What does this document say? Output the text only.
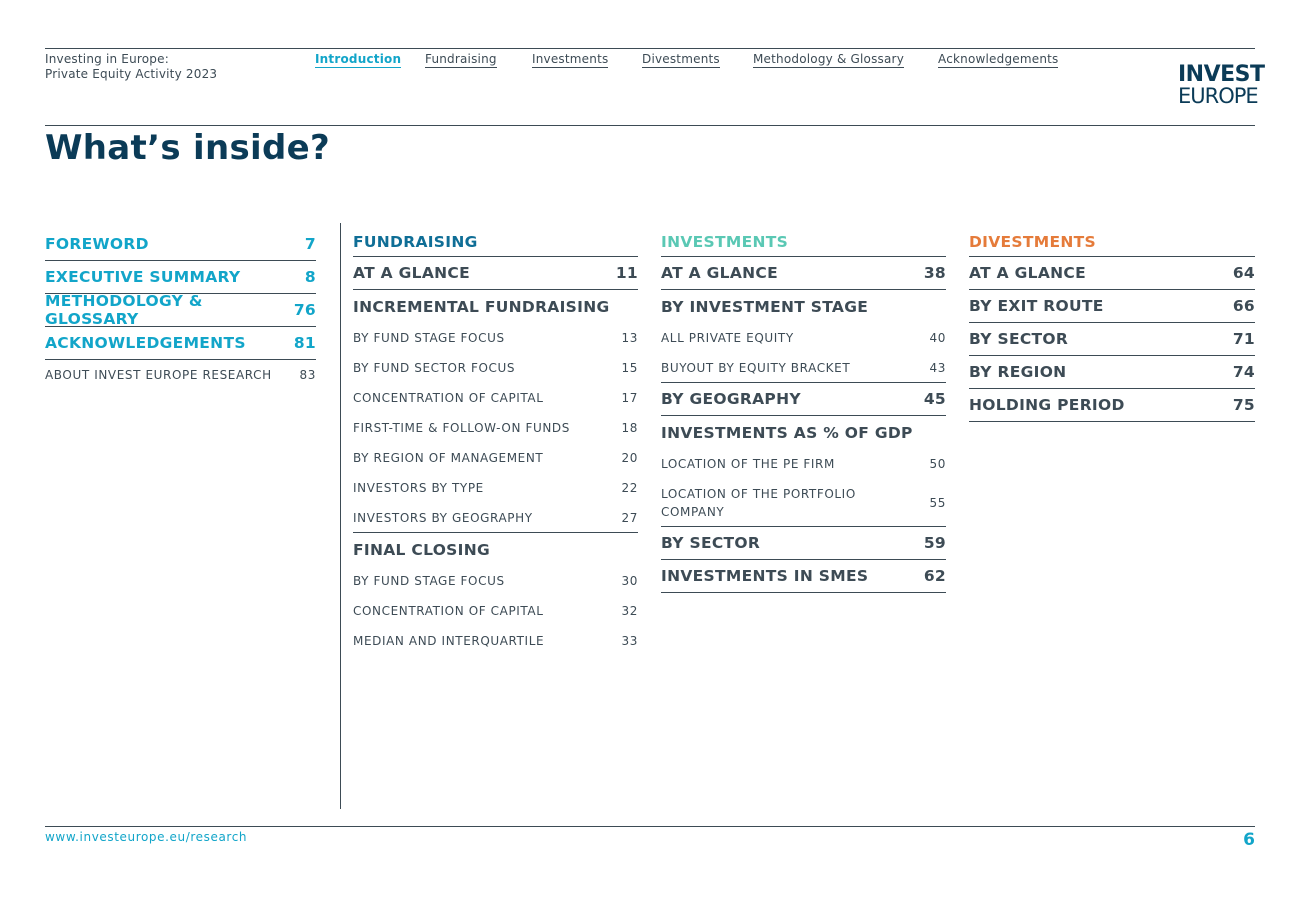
Investing in Europe:
Private Equity Activity 2023
Introduction Fundraising	Investments	Divestments	Methodology & Glossary	Acknowledgements
INVEST
EUROPE
What’s inside?
FOREWORD	7
EXECUTIVE SUMMARY	8
METHODOLOGY & GLOSSARY	76
ACKNOWLEDGEMENTS	81
ABOUT INVEST EUROPE RESEARCH 83
FUNDRAISING
AT A GLANCE	11
INCREMENTAL FUNDRAISING
BY FUND STAGE FOCUS	13
BY FUND SECTOR FOCUS	15
CONCENTRATION OF CAPITAL	17
FIRST-TIME & FOLLOW-ON FUNDS	18
BY REGION OF MANAGEMENT	20
INVESTORS BY TYPE	22
INVESTORS BY GEOGRAPHY	27
FINAL CLOSING
BY FUND STAGE FOCUS	30
CONCENTRATION OF CAPITAL	32
MEDIAN AND INTERQUARTILE	33
INVESTMENTS
AT A GLANCE	38
BY INVESTMENT STAGE
ALL PRIVATE EQUITY	40
BUYOUT BY EQUITY BRACKET	43
BY GEOGRAPHY	45
INVESTMENTS AS % OF GDP
LOCATION OF THE PE FIRM	50
LOCATION OF THE PORTFOLIO COMPANY
55
BY SECTOR	59
INVESTMENTS IN SMES	62
DIVESTMENTS
AT A GLANCE	64
BY EXIT ROUTE	66
BY SECTOR	71
BY REGION	74
HOLDING PERIOD	75
www.investeurope.eu/research	6
